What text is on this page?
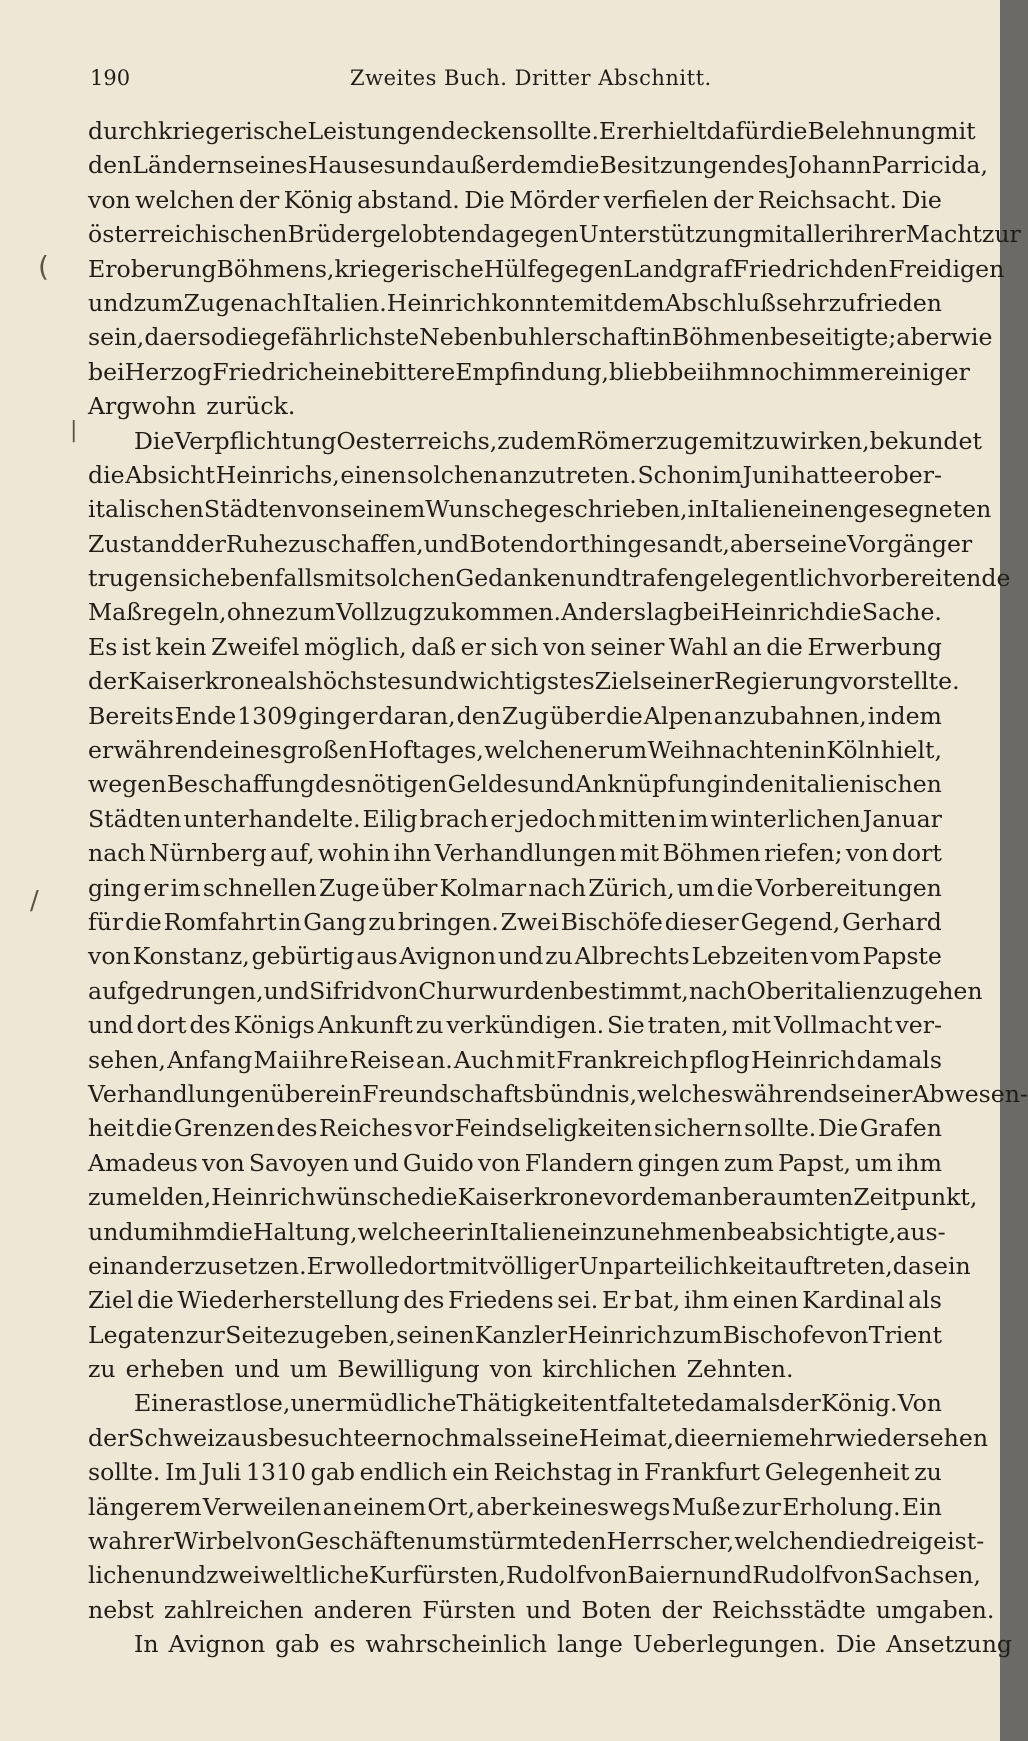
(
|
/
190	Zweites Buch. Dritter Abschnitt.
durch kriegerische Leistungen decken sollte. Er erhielt dafür die Belehnung mit
den Ländern seines Hauses und außerdem die Besitzungen des Johann Parricida,
von welchen der König abstand. Die Mörder verfielen der Reichsacht. Die
österreichischen Brüder gelobten dagegen Unterstützung mit aller ihrer Macht zur
Eroberung Böhmens, kriegerische Hülfe gegen Landgraf Friedrich den Freidigen
und zum Zuge nach Italien. Heinrich konnte mit dem Abschluß sehr zufrieden
sein, da er so die gefährlichste Nebenbuhlerschaft in Böhmen beseitigte; aber wie
bei Herzog Friedrich eine bittere Empfindung, blieb bei ihm noch immer einiger
Argwohn zurück.
Die Verpflichtung Oesterreichs, zu dem Römerzuge mitzuwirken, bekundet
die Absicht Heinrichs, einen solchen anzutreten. Schon im Juni hatte er ober-
italischen Städten von seinem Wunsche geschrieben, in Italien einen gesegneten
Zustand der Ruhe zu schaffen, und Boten dorthin gesandt, aber seine Vorgänger
trugen sich ebenfalls mit solchen Gedanken und trafen gelegentlich vorbereitende
Maßregeln, ohne zum Vollzug zu kommen. Anders lag bei Heinrich die Sache.
Es ist kein Zweifel möglich, daß er sich von seiner Wahl an die Erwerbung
der Kaiserkrone als höchstes und wichtigstes Ziel seiner Regierung vorstellte.
Bereits Ende 1309 ging er daran, den Zug über die Alpen anzubahnen, indem
er während eines großen Hoftages, welchen er um Weihnachten in Köln hielt,
wegen Beschaffung des nötigen Geldes und Anknüpfung in den italienischen
Städten unterhandelte. Eilig brach er jedoch mitten im winterlichen Januar
nach Nürnberg auf, wohin ihn Verhandlungen mit Böhmen riefen; von dort
ging er im schnellen Zuge über Kolmar nach Zürich, um die Vorbereitungen
für die Romfahrt in Gang zu bringen. Zwei Bischöfe dieser Gegend, Gerhard
von Konstanz, gebürtig aus Avignon und zu Albrechts Lebzeiten vom Papste
aufgedrungen, und Sifrid von Chur wurden bestimmt, nach Oberitalien zu gehen
und dort des Königs Ankunft zu verkündigen. Sie traten, mit Vollmacht ver-
sehen, Anfang Mai ihre Reise an. Auch mit Frankreich pflog Heinrich damals
Verhandlungen über ein Freundschaftsbündnis, welches während seiner Abwesen-
heit die Grenzen des Reiches vor Feindseligkeiten sichern sollte. Die Grafen
Amadeus von Savoyen und Guido von Flandern gingen zum Papst, um ihm
zu melden, Heinrich wünsche die Kaiserkrone vor dem anberaumten Zeitpunkt,
und um ihm die Haltung, welche er in Italien einzunehmen beabsichtigte, aus-
einanderzusetzen. Er wolle dort mit völliger Unparteilichkeit auftreten, da sein
Ziel die Wiederherstellung des Friedens sei. Er bat, ihm einen Kardinal als
Legaten zur Seite zu geben, seinen Kanzler Heinrich zum Bischofe von Trient
zu erheben und um Bewilligung von kirchlichen Zehnten.
Eine rastlose, unermüdliche Thätigkeit entfaltete damals der König. Von
der Schweiz aus besuchte er nochmals seine Heimat, die er nie mehr wiedersehen
sollte. Im Juli 1310 gab endlich ein Reichstag in Frankfurt Gelegenheit zu
längerem Verweilen an einem Ort, aber keineswegs Muße zur Erholung. Ein
wahrer Wirbel von Geschäften umstürmte den Herrscher, welchen die drei geist-
lichen und zwei weltliche Kurfürsten, Rudolf von Baiern und Rudolf von Sachsen,
nebst zahlreichen anderen Fürsten und Boten der Reichsstädte umgaben.
In Avignon gab es wahrscheinlich lange Ueberlegungen. Die Ansetzung
